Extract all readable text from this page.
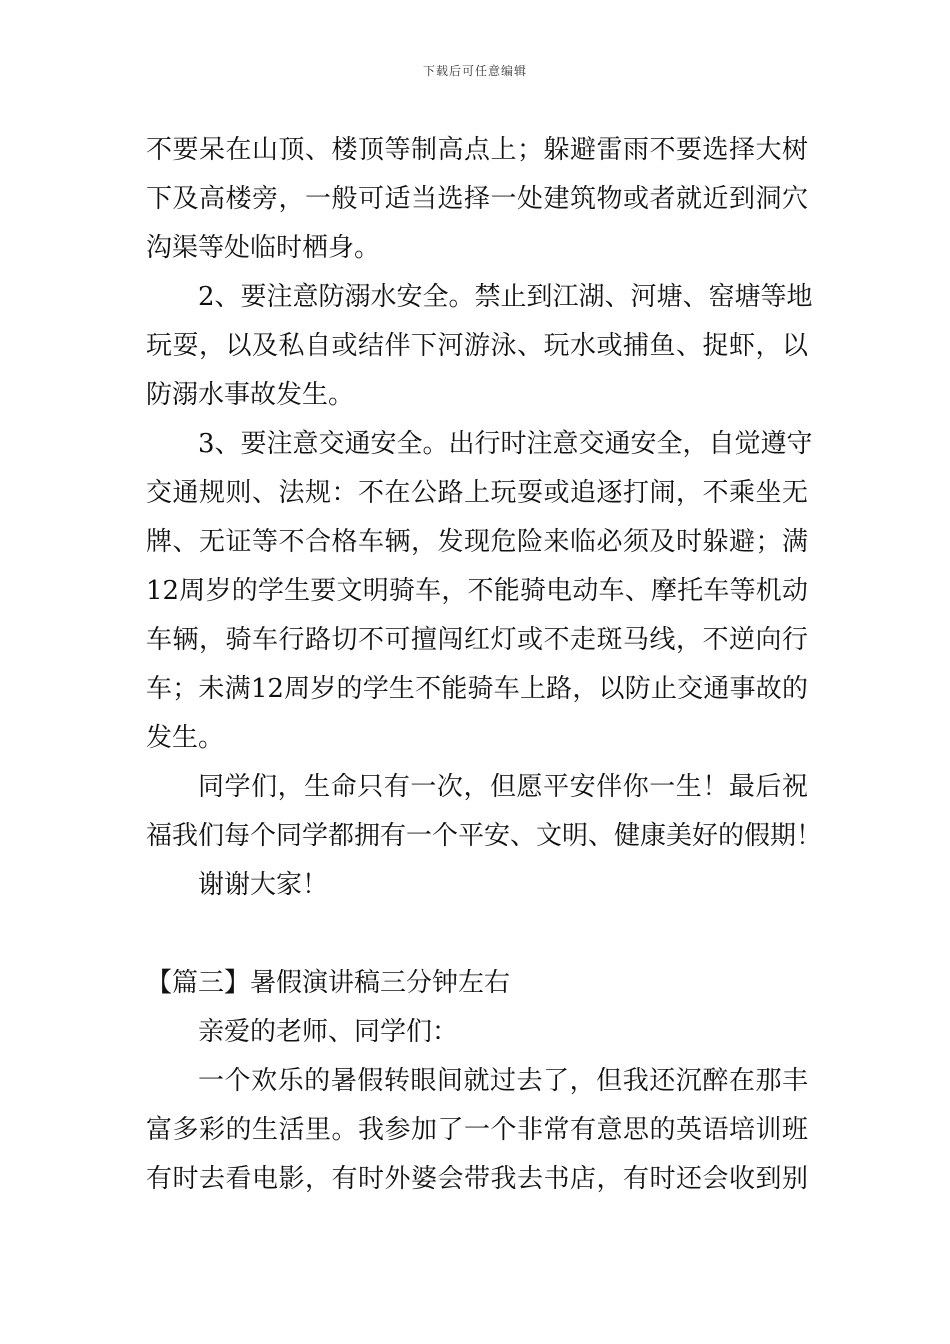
下载后可任意编辑
不要呆在山顶、楼顶等制高点上；躲避雷雨不要选择大树
下及高楼旁，一般可适当选择一处建筑物或者就近到洞穴
沟渠等处临时栖身。
2、要注意防溺水安全。禁止到江湖、河塘、窑塘等地
玩耍，以及私自或结伴下河游泳、玩水或捕鱼、捉虾，以
防溺水事故发生。
3、要注意交通安全。出行时注意交通安全，自觉遵守
交通规则、法规：不在公路上玩耍或追逐打闹，不乘坐无
牌、无证等不合格车辆，发现危险来临必须及时躲避；满
12周岁的学生要文明骑车，不能骑电动车、摩托车等机动
车辆，骑车行路切不可擅闯红灯或不走斑马线，不逆向行
车；未满12周岁的学生不能骑车上路，以防止交通事故的
发生。
同学们，生命只有一次，但愿平安伴你一生！最后祝
福我们每个同学都拥有一个平安、文明、健康美好的假期！
谢谢大家！
【篇三】暑假演讲稿三分钟左右
亲爱的老师、同学们：
一个欢乐的暑假转眼间就过去了，但我还沉醉在那丰
富多彩的生活里。我参加了一个非常有意思的英语培训班
有时去看电影，有时外婆会带我去书店，有时还会收到别
